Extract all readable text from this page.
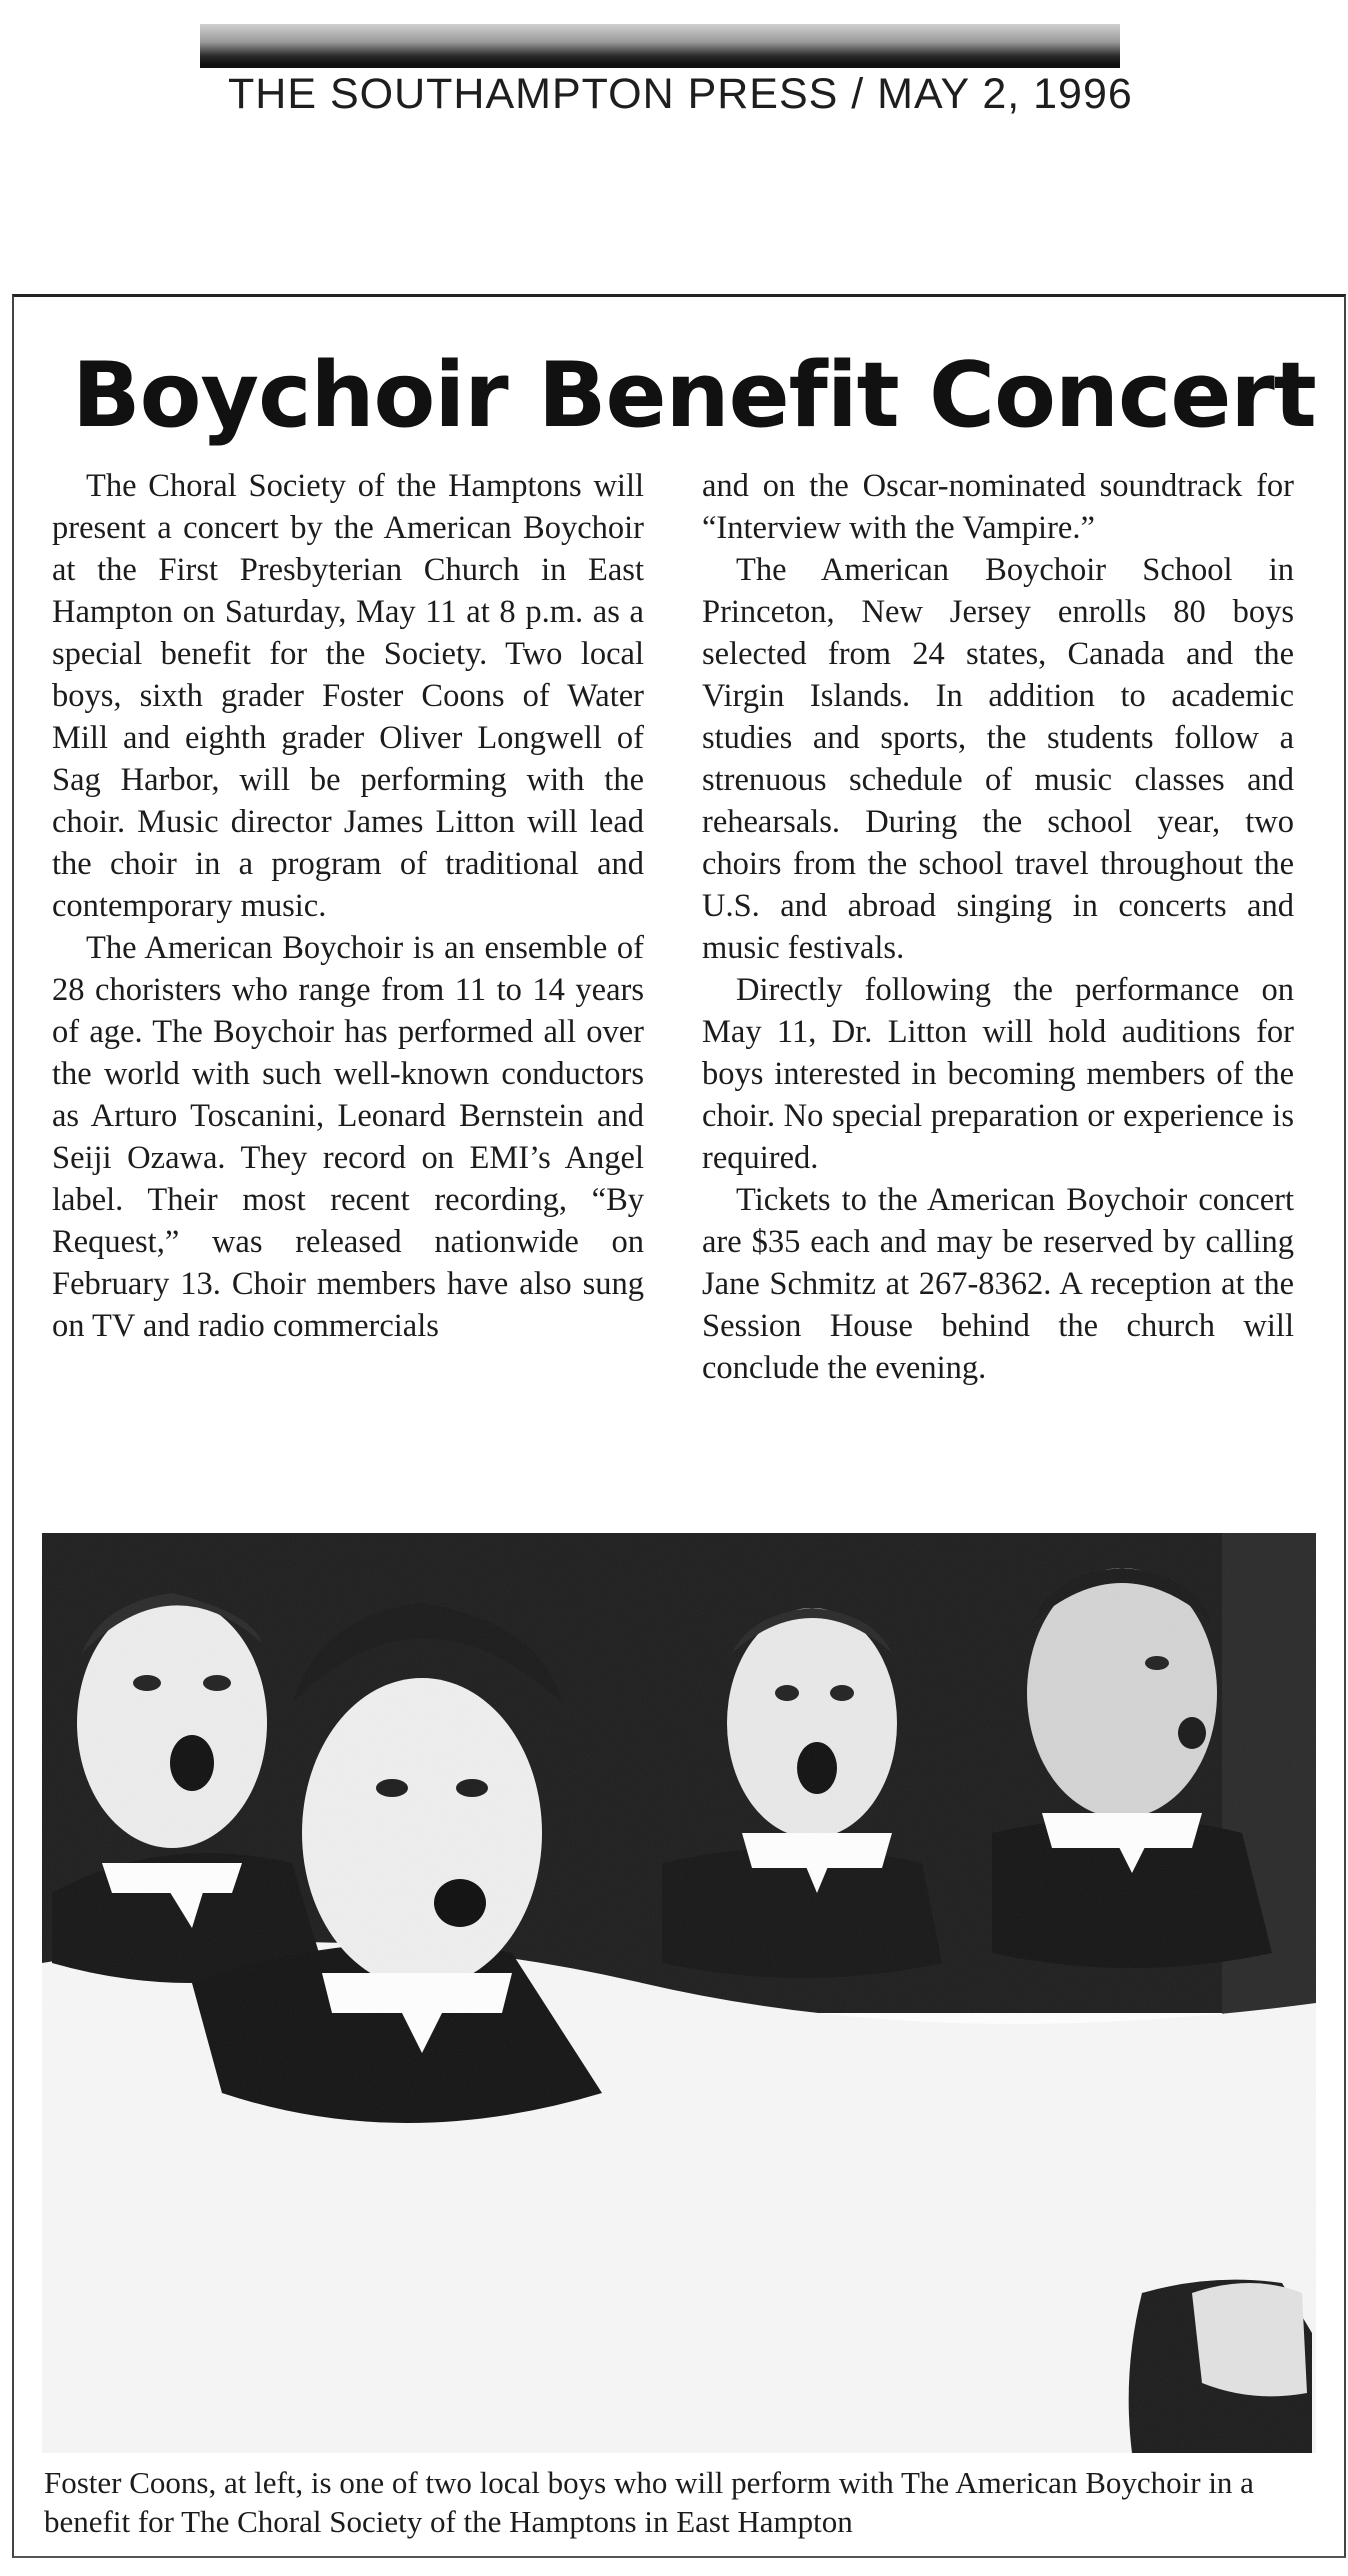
THE SOUTHAMPTON PRESS / MAY 2, 1996
Boychoir Benefit Concert

The Choral Society of the Hamptons will present a concert by the American Boychoir at the First Presbyterian Church in East Hampton on Saturday, May 11 at 8 p.m. as a special benefit for the Society. Two local boys, sixth grader Foster Coons of Water Mill and eighth grader Oliver Longwell of Sag Harbor, will be performing with the choir. Music director James Litton will lead the choir in a program of traditional and contemporary music.

The American Boychoir is an ensemble of 28 choristers who range from 11 to 14 years of age. The Boychoir has performed all over the world with such well-known conductors as Arturo Toscanini, Leonard Bernstein and Seiji Ozawa. They record on EMI’s Angel label. Their most recent recording, “By Request,” was released nationwide on February 13. Choir members have also sung on TV and radio commercials

and on the Oscar-nominated soundtrack for “Interview with the Vampire.”

The American Boychoir School in Princeton, New Jersey enrolls 80 boys selected from 24 states, Canada and the Virgin Islands. In addition to academic studies and sports, the students follow a strenuous schedule of music classes and rehearsals. During the school year, two choirs from the school travel throughout the U.S. and abroad singing in concerts and music festivals.

Directly following the performance on May 11, Dr. Litton will hold auditions for boys interested in becoming members of the choir. No special preparation or experience is required.

Tickets to the American Boychoir concert are $35 each and may be reserved by calling Jane Schmitz at 267-8362. A reception at the Session House behind the church will conclude the evening.

Foster Coons, at left, is one of two local boys who will perform with The American Boychoir in a benefit for The Choral Society of the Hamptons in East Hampton
